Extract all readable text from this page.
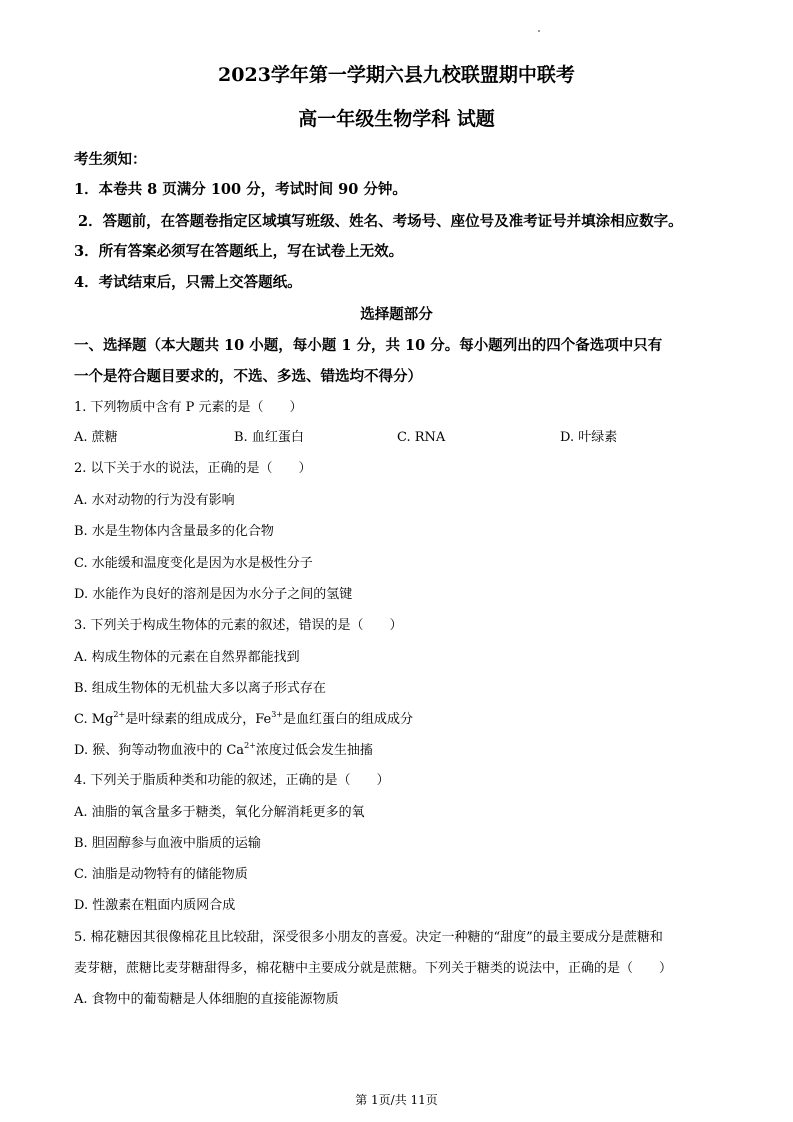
2023学年第一学期六县九校联盟期中联考
高一年级生物学科 试题
考生须知：
1．本卷共 8 页满分 100 分，考试时间 90 分钟。
2．答题前，在答题卷指定区域填写班级、姓名、考场号、座位号及准考证号并填涂相应数字。
3．所有答案必须写在答题纸上，写在试卷上无效。
4．考试结束后，只需上交答题纸。
选择题部分
一、选择题（本大题共 10 小题，每小题 1 分，共 10 分。每小题列出的四个备选项中只有
一个是符合题目要求的，不选、多选、错选均不得分）
1. 下列物质中含有 P 元素的是（　　）
A. 蔗糖	B. 血红蛋白	C. RNA	D. 叶绿素
2. 以下关于水的说法，正确的是（　　）
A. 水对动物的行为没有影响
B. 水是生物体内含量最多的化合物
C. 水能缓和温度变化是因为水是极性分子
D. 水能作为良好的溶剂是因为水分子之间的氢键
3. 下列关于构成生物体的元素的叙述，错误的是（　　）
A. 构成生物体的元素在自然界都能找到
B. 组成生物体的无机盐大多以离子形式存在
C. $Mg^{2+}$是叶绿素的组成成分，$Fe^{3+}$是血红蛋白的组成成分
D. 猴、狗等动物血液中的 $Ca^{2+}$浓度过低会发生抽搐
4. 下列关于脂质种类和功能的叙述，正确的是（　　）
A. 油脂的氧含量多于糖类，氧化分解消耗更多的氧
B. 胆固醇参与血液中脂质的运输
C. 油脂是动物特有的储能物质
D. 性激素在粗面内质网合成
5. 棉花糖因其很像棉花且比较甜，深受很多小朋友的喜爱。决定一种糖的“甜度”的最主要成分是蔗糖和
麦芽糖，蔗糖比麦芽糖甜得多，棉花糖中主要成分就是蔗糖。下列关于糖类的说法中，正确的是（　　）
A. 食物中的葡萄糖是人体细胞的直接能源物质
第 1页/共 11页
